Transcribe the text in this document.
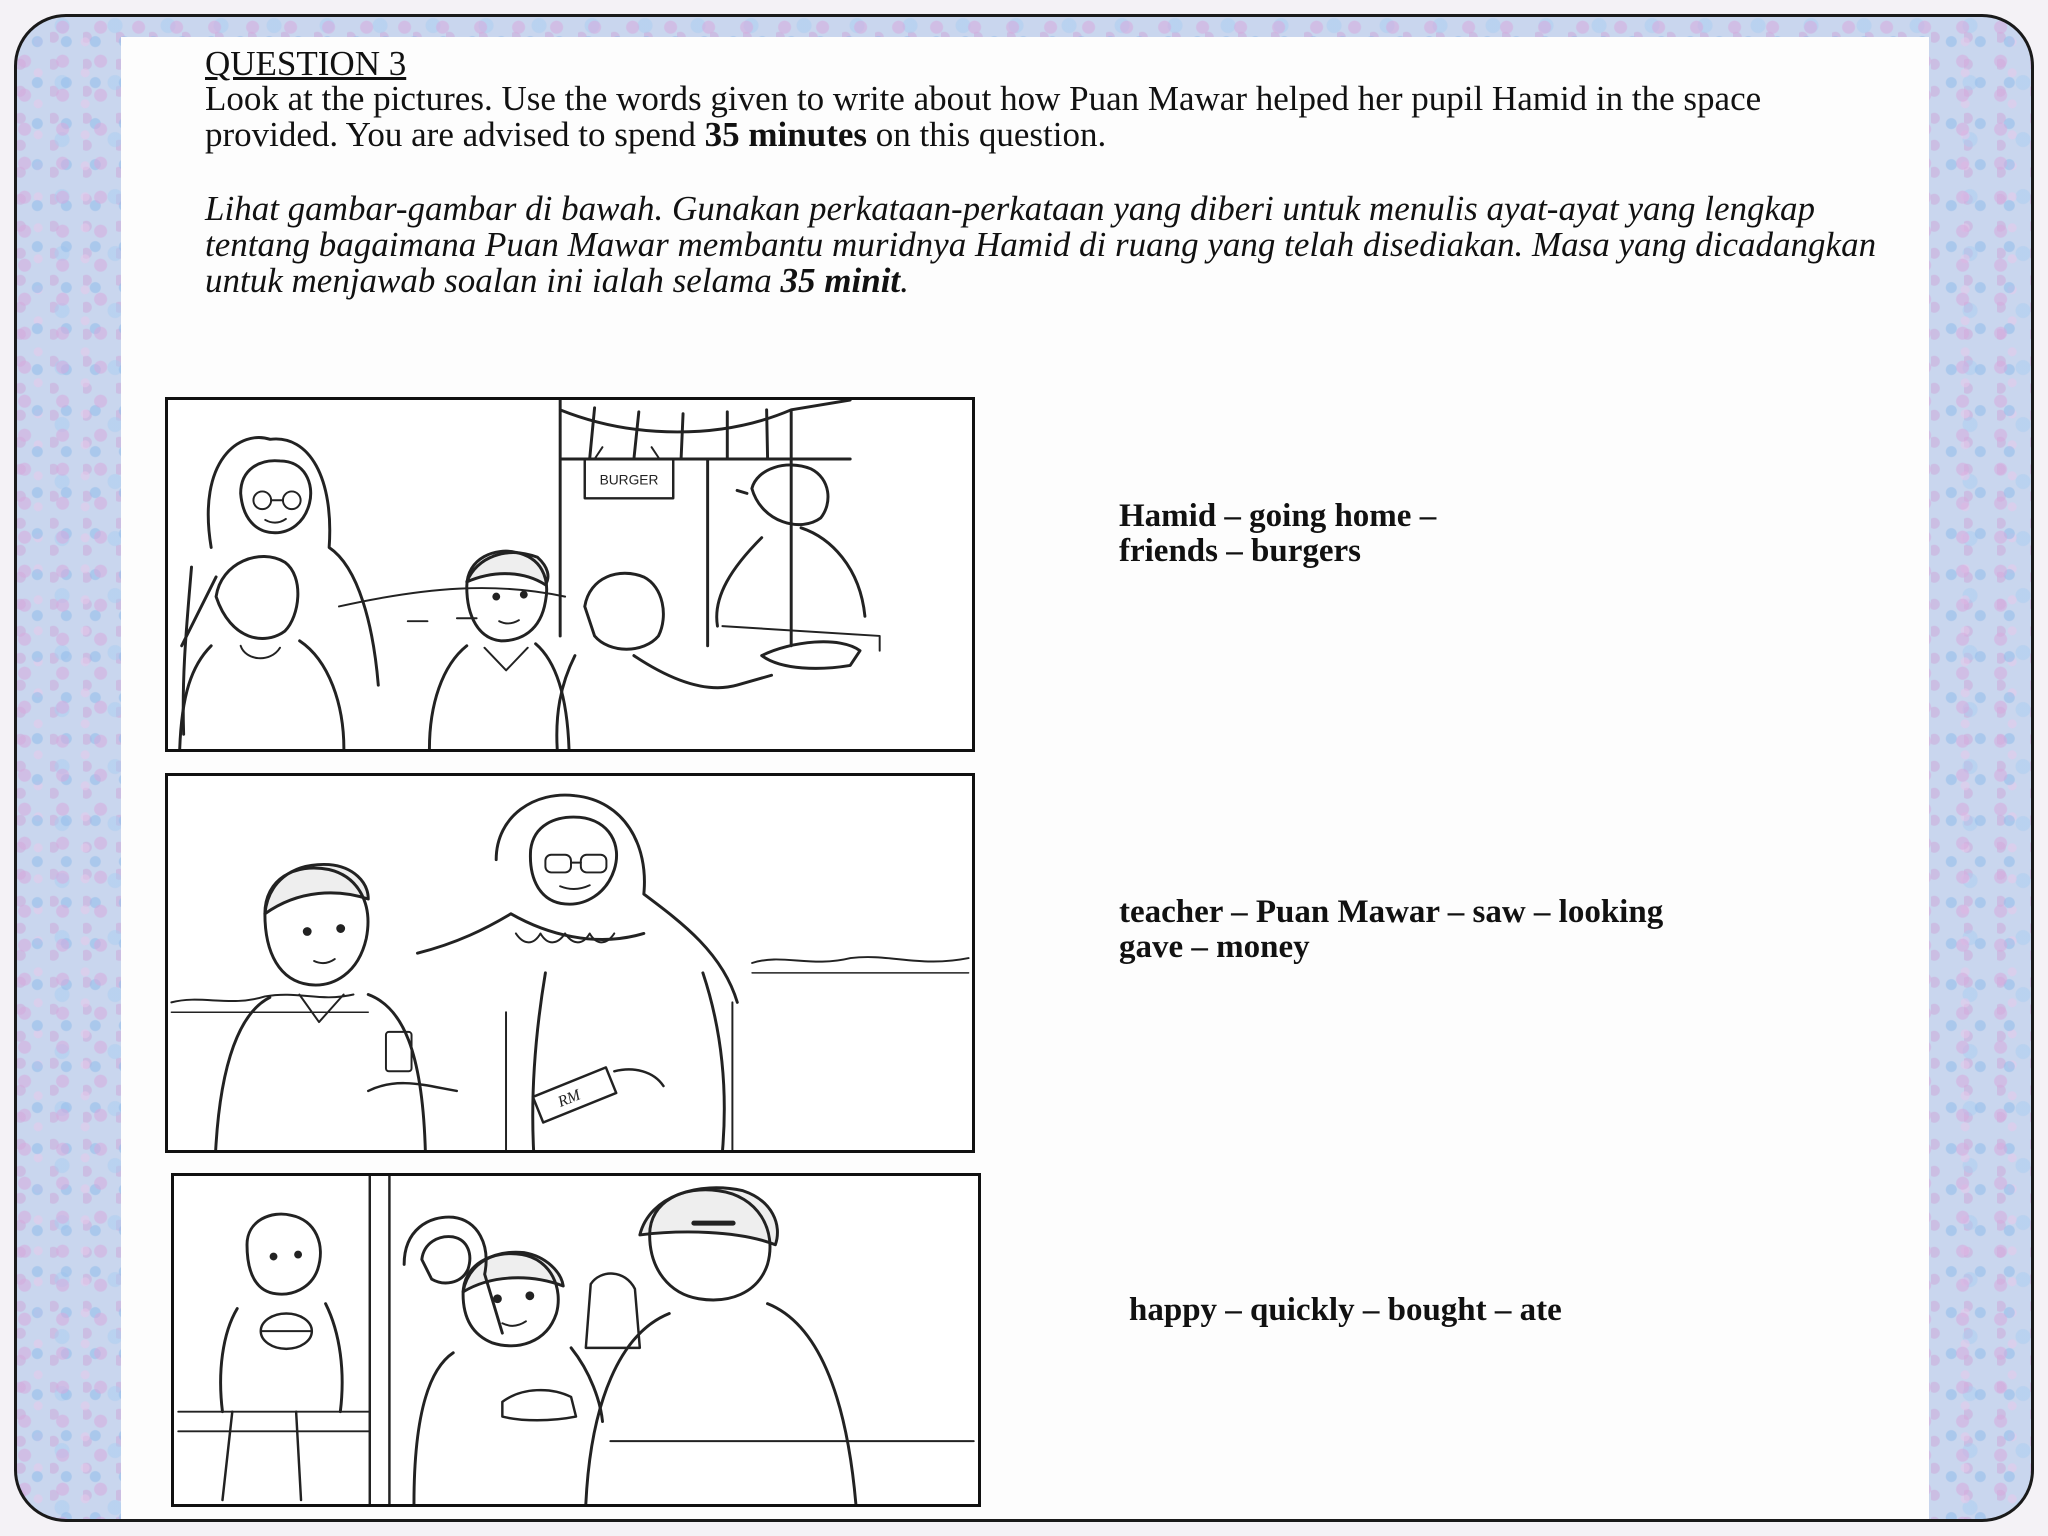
QUESTION 3

Look at the pictures. Use the words given to write about how Puan Mawar helped her pupil Hamid in the space provided. You are advised to spend 35 minutes on this question.

Lihat gambar-gambar di bawah. Gunakan perkataan-perkataan yang diberi untuk menulis ayat-ayat yang lengkap tentang bagaimana Puan Mawar membantu muridnya Hamid di ruang yang telah disediakan. Masa yang dicadangkan untuk menjawab soalan ini ialah selama 35 minit.

BURGER
Hamid – going home –
friends – burgers
RM
teacher – Puan Mawar – saw – looking
gave – money
happy – quickly – bought – ate
